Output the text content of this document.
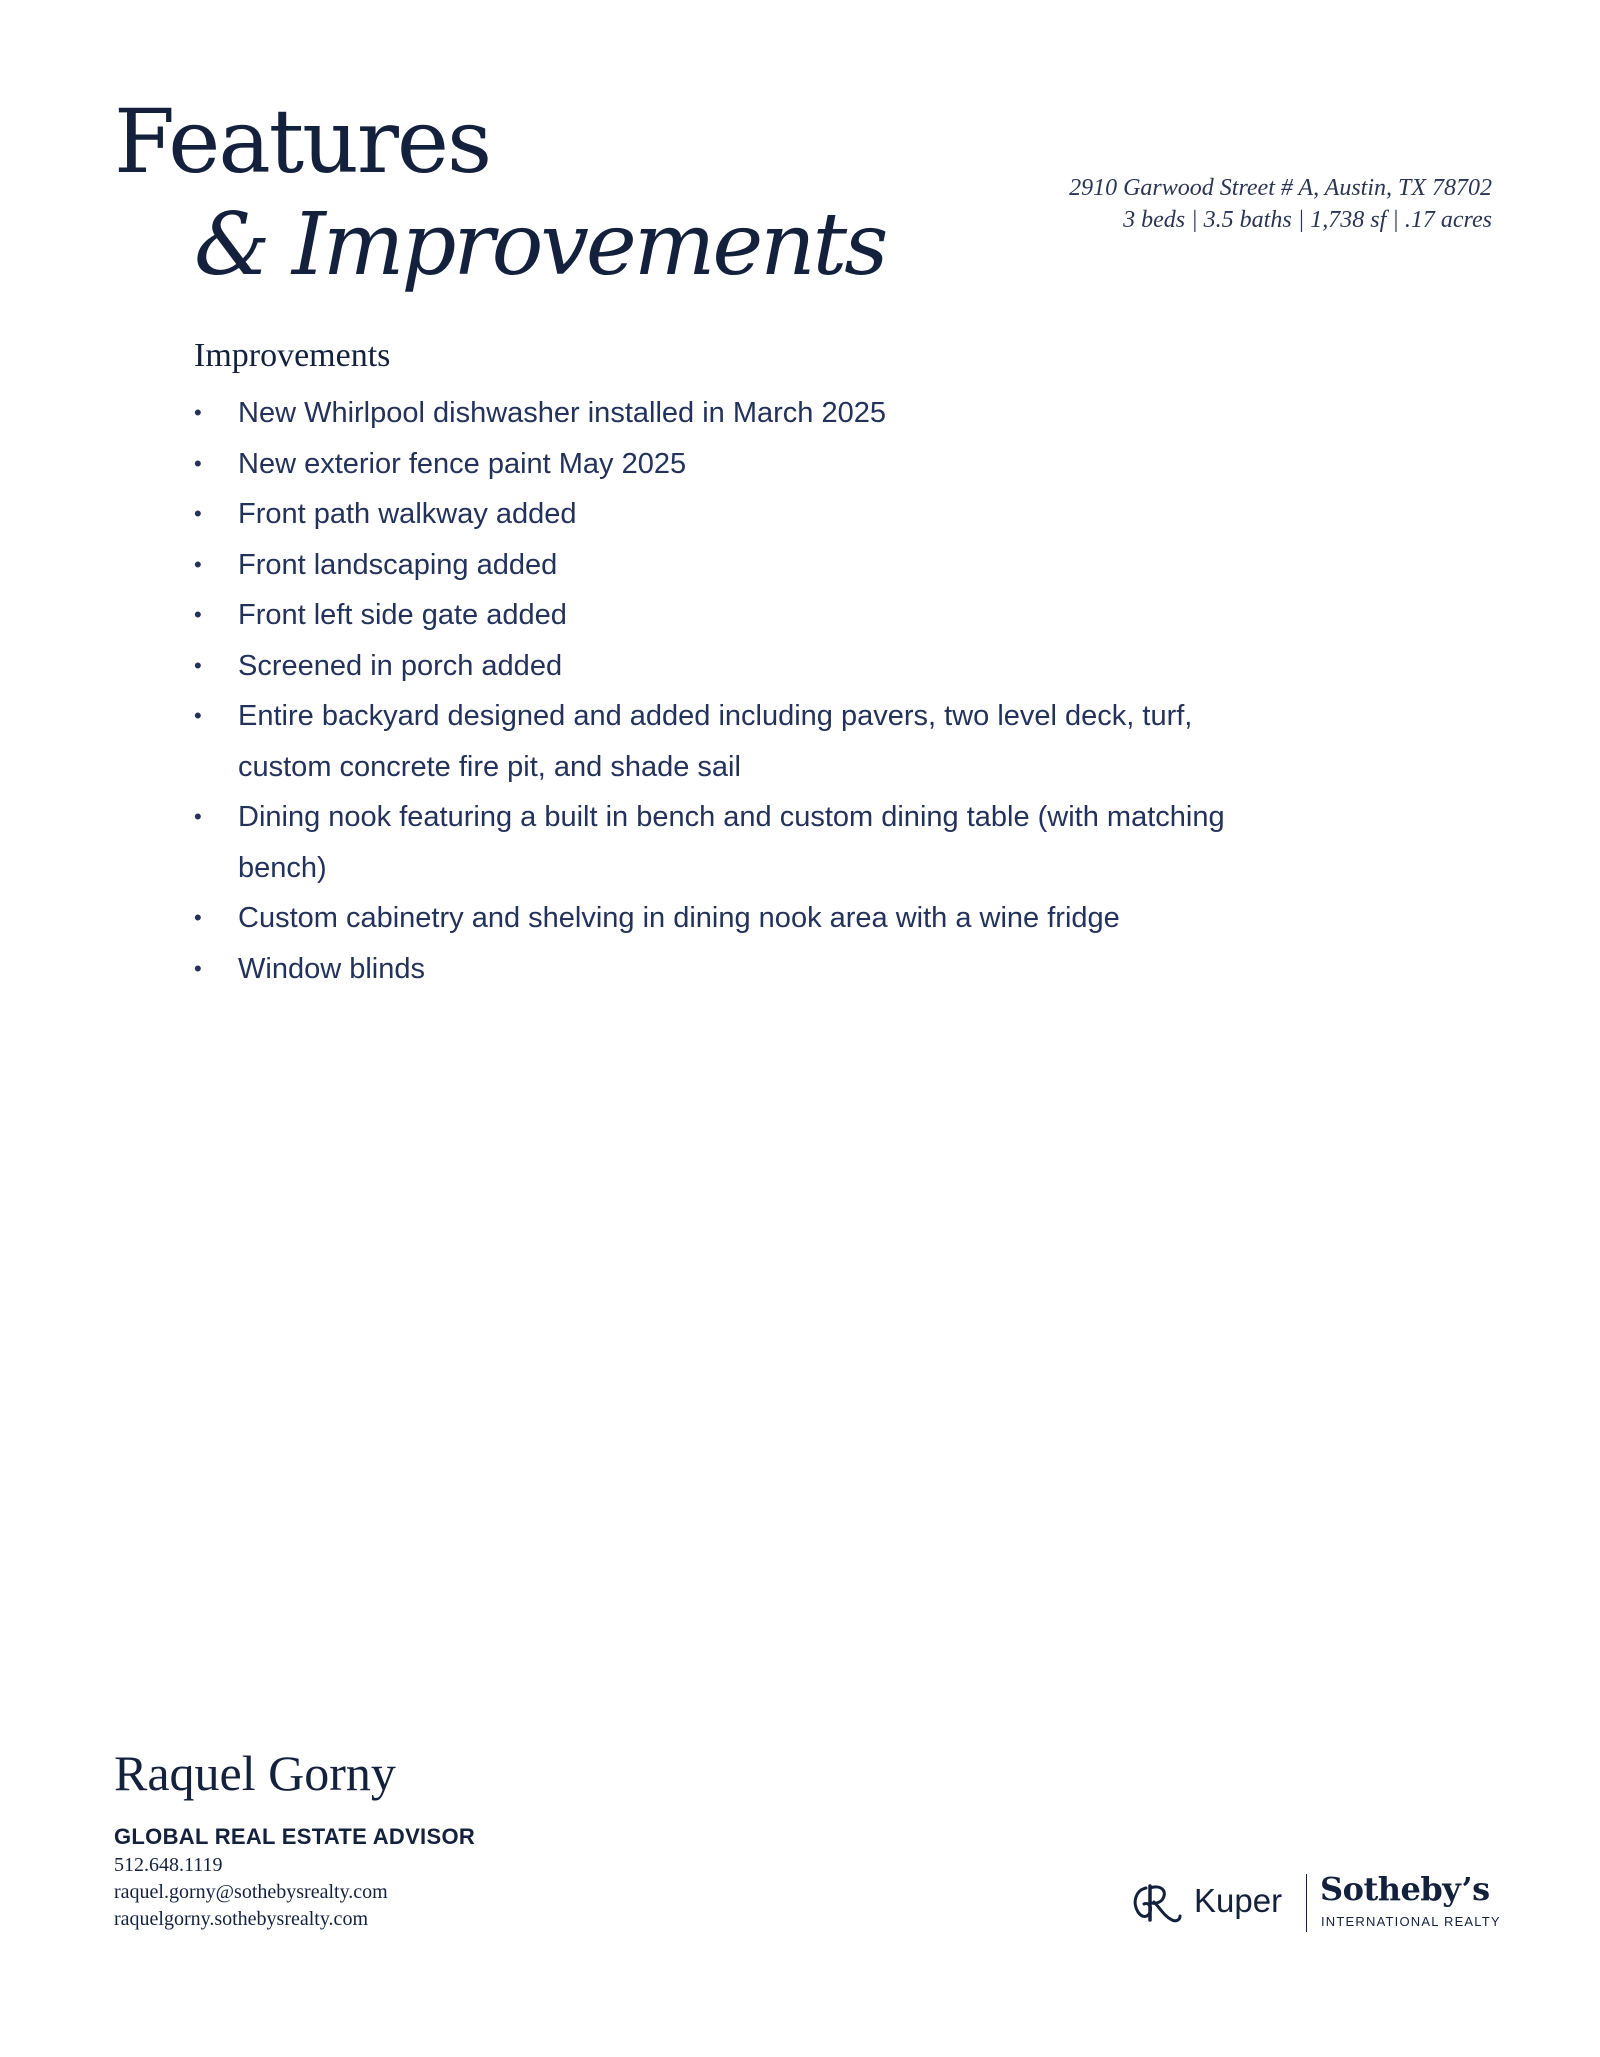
Features
& Improvements
2910 Garwood Street # A, Austin, TX 78702
3 beds | 3.5 baths | 1,738 sf | .17 acres
Improvements
• New Whirlpool dishwasher installed in March 2025
• New exterior fence paint May 2025
• Front path walkway added
• Front landscaping added
• Front left side gate added
• Screened in porch added
• Entire backyard designed and added including pavers, two level deck, turf, custom concrete fire pit, and shade sail
• Dining nook featuring a built in bench and custom dining table (with matching bench)
• Custom cabinetry and shelving in dining nook area with a wine fridge
• Window blinds
Raquel Gorny
GLOBAL REAL ESTATE ADVISOR
512.648.1119
raquel.gorny@sothebysrealty.com
raquelgorny.sothebysrealty.com	Kuper Sotheby’s
INTERNATIONAL REALTY
